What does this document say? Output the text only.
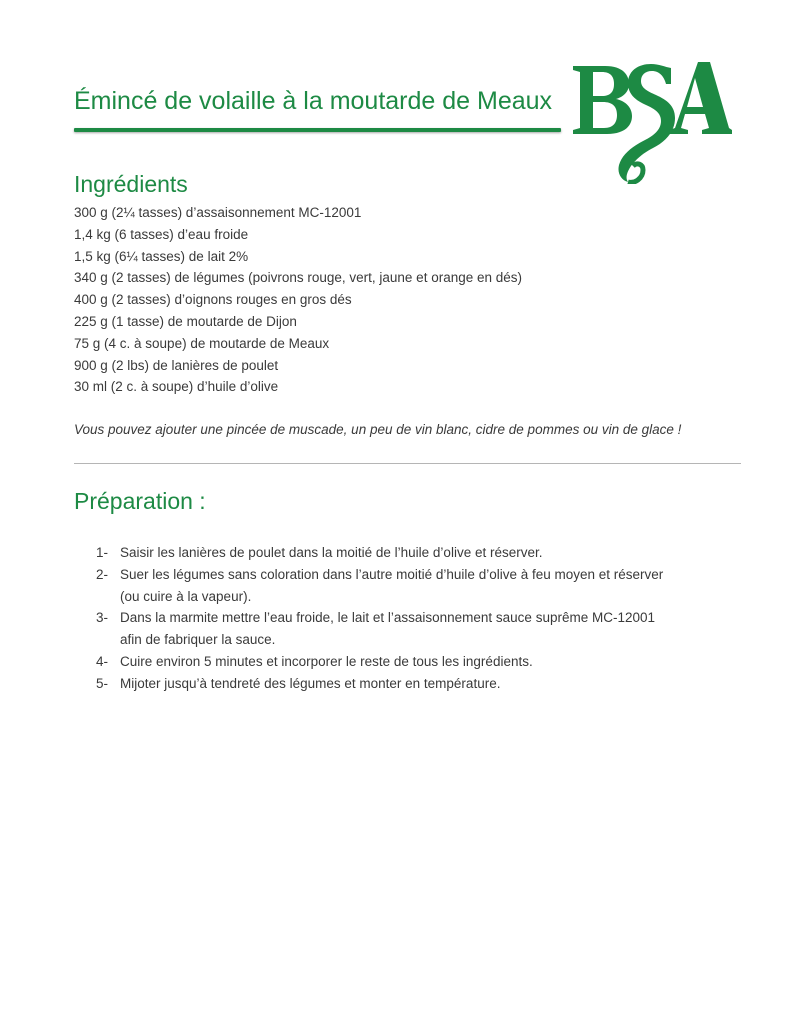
Émincé de volaille à la moutarde de Meaux
Ingrédients
300 g (2¼ tasses) d’assaisonnement MC-12001
1,4 kg (6 tasses) d’eau froide
1,5 kg (6¼ tasses) de lait 2%
340 g (2 tasses) de légumes (poivrons rouge, vert, jaune et orange en dés)
400 g (2 tasses) d’oignons rouges en gros dés
225 g (1 tasse) de moutarde de Dijon
75 g (4 c. à soupe) de moutarde de Meaux
900 g (2 lbs) de lanières de poulet
30 ml (2 c. à soupe) d’huile d’olive

Vous pouvez ajouter une pincée de muscade, un peu de vin blanc, cidre de pommes ou vin de glace !

Préparation :
1- Saisir les lanières de poulet dans la moitié de l’huile d’olive et réserver.
2- Suer les légumes sans coloration dans l’autre moitié d’huile d’olive à feu moyen et réserver
(ou cuire à la vapeur).
3- Dans la marmite mettre l’eau froide, le lait et l’assaisonnement sauce suprême MC-12001
afin de fabriquer la sauce.
4- Cuire environ 5 minutes et incorporer le reste de tous les ingrédients.
5- Mijoter jusqu’à tendreté des légumes et monter en température.
